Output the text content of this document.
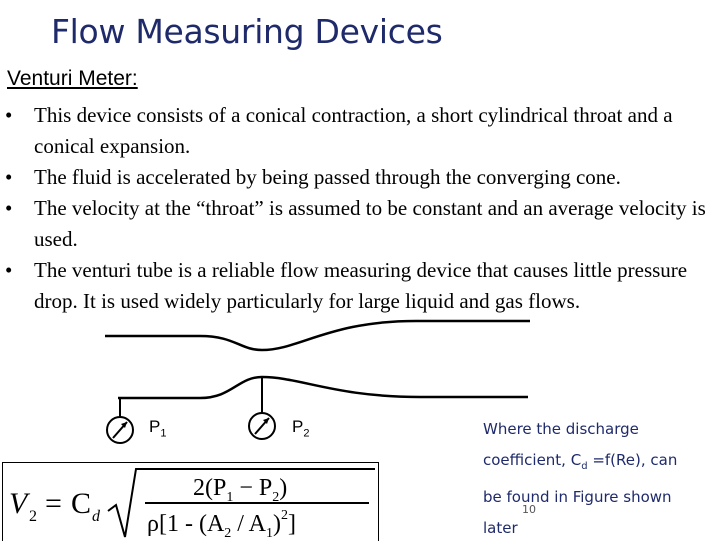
Flow Measuring Devices
Venturi Meter:
• This device consists of a conical contraction, a short cylindrical throat and a conical expansion.
• The fluid is accelerated by being passed through the converging cone.
• The velocity at the “throat” is assumed to be constant and an average velocity is used.
• The venturi tube is a reliable flow measuring device that causes little pressure drop. It is used widely particularly for large liquid and gas flows.
$P_1$	$P_2$	Where the discharge
coefficient, $C_d =f(Re)$, can
be found in Figure shown
later
10
V 2 = C d
$2(P_1 - P_2)$
$\rho[1 - (A_2 / A_1)^2]$
